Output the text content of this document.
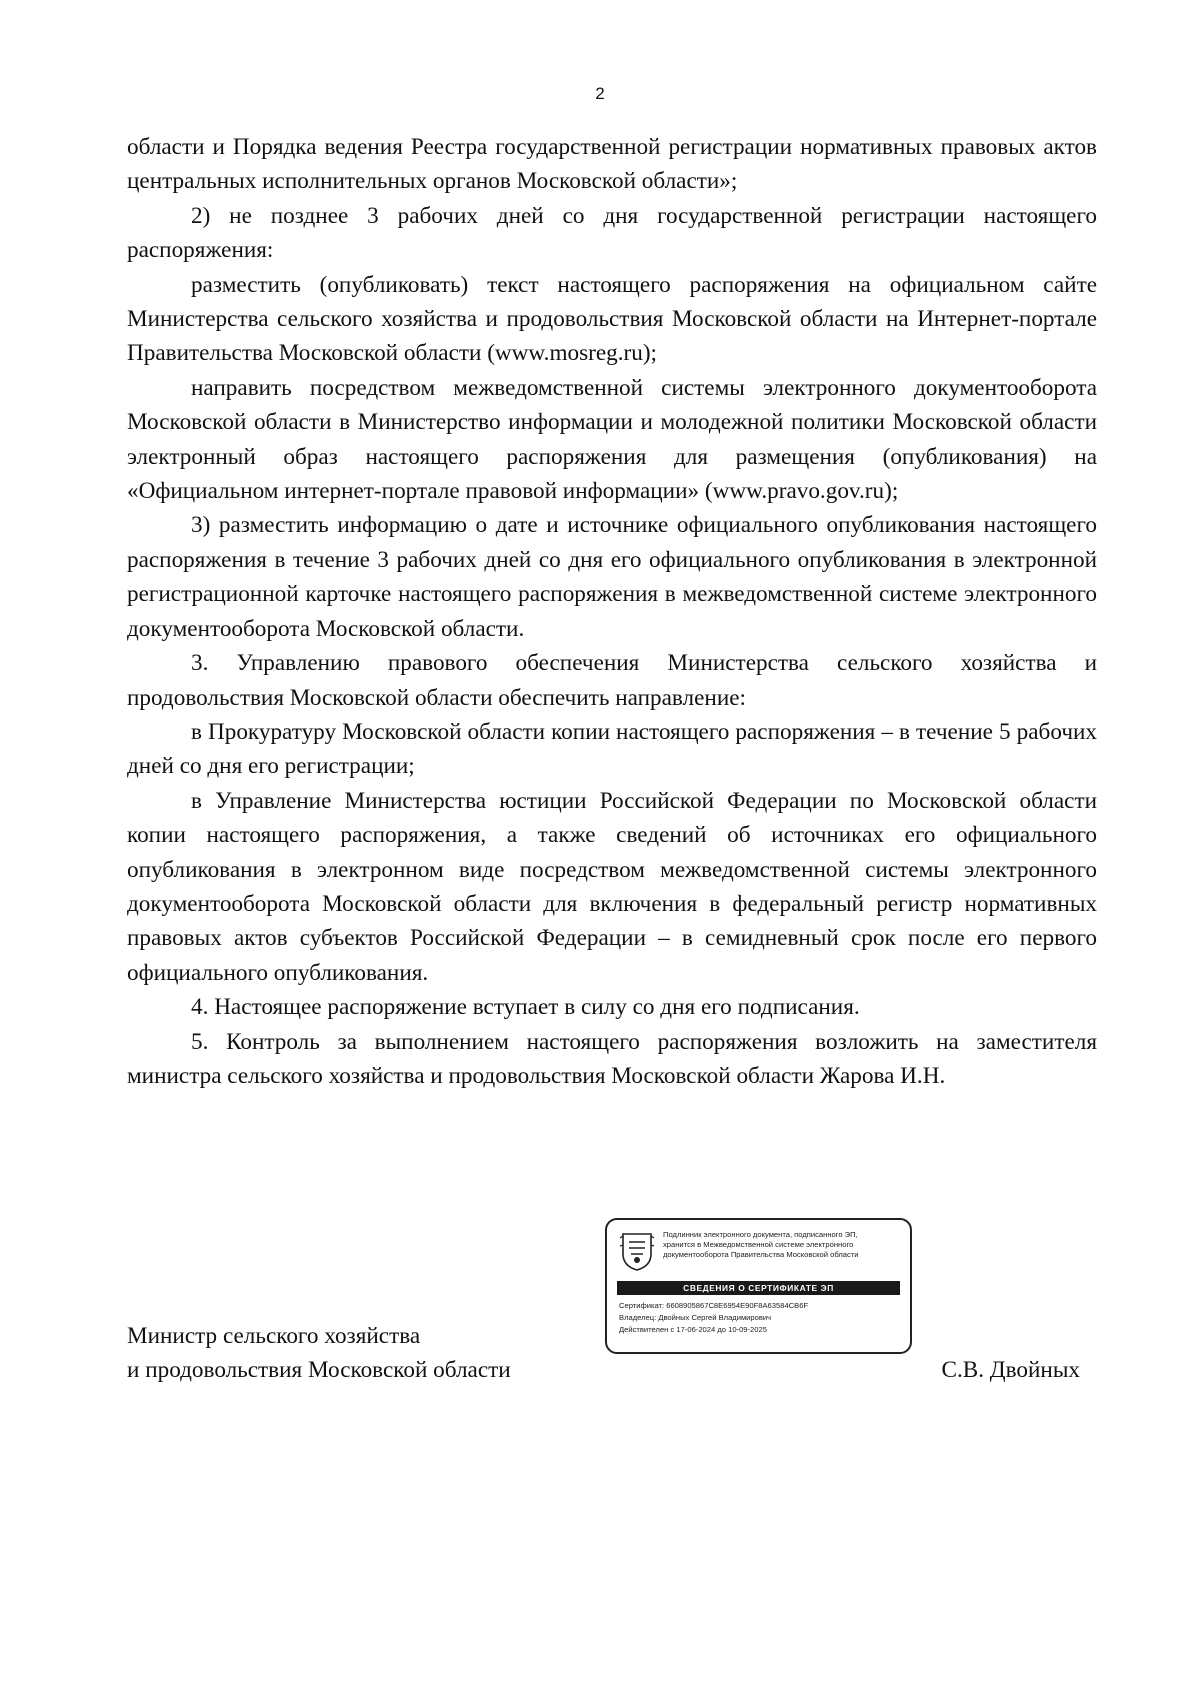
2

области и Порядка ведения Реестра государственной регистрации нормативных правовых актов центральных исполнительных органов Московской области»;

2) не позднее 3 рабочих дней со дня государственной регистрации настоящего распоряжения:

разместить (опубликовать) текст настоящего распоряжения на официальном сайте Министерства сельского хозяйства и продовольствия Московской области на Интернет-портале Правительства Московской области (www.mosreg.ru);

направить посредством межведомственной системы электронного документооборота Московской области в Министерство информации и молодежной политики Московской области электронный образ настоящего распоряжения для размещения (опубликования) на «Официальном интернет-портале правовой информации» (www.pravo.gov.ru);

3) разместить информацию о дате и источнике официального опубликования настоящего распоряжения в течение 3 рабочих дней со дня его официального опубликования в электронной регистрационной карточке настоящего распоряжения в межведомственной системе электронного документооборота Московской области.

3. Управлению правового обеспечения Министерства сельского хозяйства и продовольствия Московской области обеспечить направление:

в Прокуратуру Московской области копии настоящего распоряжения – в течение 5 рабочих дней со дня его регистрации;

в Управление Министерства юстиции Российской Федерации по Московской области копии настоящего распоряжения, а также сведений об источниках его официального опубликования в электронном виде посредством межведомственной системы электронного документооборота Московской области для включения в федеральный регистр нормативных правовых актов субъектов Российской Федерации – в семидневный срок после его первого официального опубликования.

4. Настоящее распоряжение вступает в силу со дня его подписания.

5. Контроль за выполнением настоящего распоряжения возложить на заместителя министра сельского хозяйства и продовольствия Московской области Жарова И.Н.

Подлинник электронного документа, подписанного ЭП,
хранится в Межведомственной системе электронного
документооборота Правительства Московской области
СВЕДЕНИЯ О СЕРТИФИКАТЕ ЭП
Сертификат: 6608905867C8E6954E90F8A63584CB6F
Владелец: Двойных Сергей Владимирович
Действителен с 17-06-2024 до 10-09-2025
Министр сельского хозяйства
и продовольствия Московской области	С.В. Двойных
